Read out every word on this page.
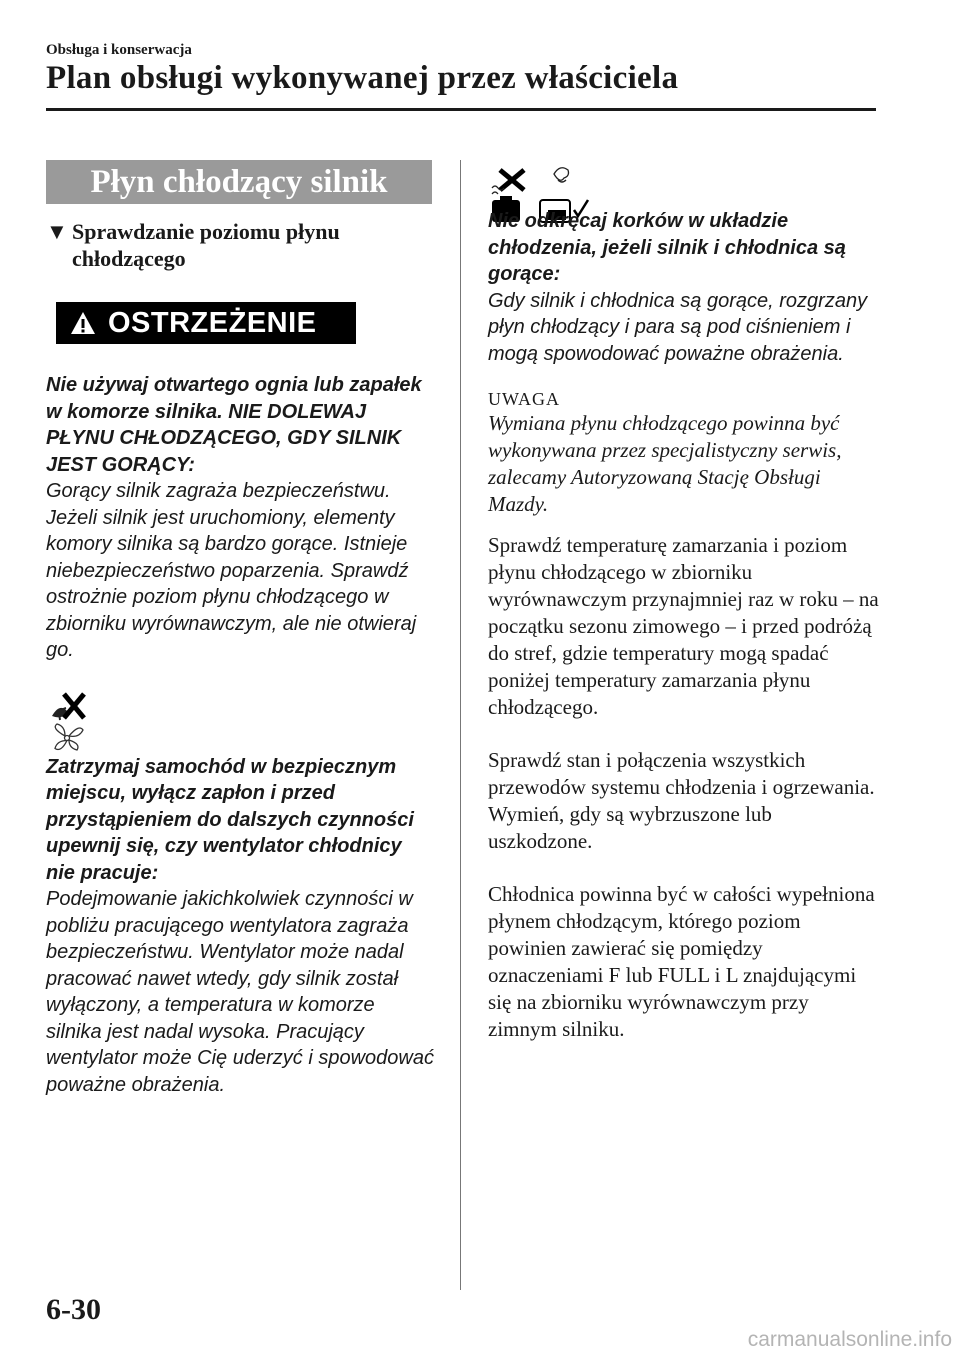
Obsługa i konserwacja
Plan obsługi wykonywanej przez właściciela
Płyn chłodzący silnik
▼ Sprawdzanie poziomu płynu chłodzącego
OSTRZEŻENIE
Nie używaj otwartego ognia lub zapałek w komorze silnika. NIE DOLEWAJ PŁYNU CHŁODZĄCEGO, GDY SILNIK JEST GORĄCY:
Gorący silnik zagraża bezpieczeństwu. Jeżeli silnik jest uruchomiony, elementy komory silnika są bardzo gorące. Istnieje niebezpieczeństwo poparzenia. Sprawdź ostrożnie poziom płynu chłodzącego w zbiorniku wyrównawczym, ale nie otwieraj go.
Zatrzymaj samochód w bezpiecznym miejscu, wyłącz zapłon i przed przystąpieniem do dalszych czynności upewnij się, czy wentylator chłodnicy nie pracuje:
Podejmowanie jakichkolwiek czynności w pobliżu pracującego wentylatora zagraża bezpieczeństwu. Wentylator może nadal pracować nawet wtedy, gdy silnik został wyłączony, a temperatura w komorze silnika jest nadal wysoka. Pracujący wentylator może Cię uderzyć i spowodować poważne obrażenia.
Nie odkręcaj korków w układzie chłodzenia, jeżeli silnik i chłodnica są gorące:
Gdy silnik i chłodnica są gorące, rozgrzany płyn chłodzący i para są pod ciśnieniem i mogą spowodować poważne obrażenia.
UWAGA
Wymiana płynu chłodzącego powinna być wykonywana przez specjalistyczny serwis, zalecamy Autoryzowaną Stację Obsługi Mazdy.
Sprawdź temperaturę zamarzania i poziom płynu chłodzącego w zbiorniku wyrównawczym przynajmniej raz w roku – na początku sezonu zimowego – i przed podróżą do stref, gdzie temperatury mogą spadać poniżej temperatury zamarzania płynu chłodzącego.
Sprawdź stan i połączenia wszystkich przewodów systemu chłodzenia i ogrzewania.
Wymień, gdy są wybrzuszone lub uszkodzone.
Chłodnica powinna być w całości wypełniona płynem chłodzącym, którego poziom powinien zawierać się pomiędzy oznaczeniami F lub FULL i L znajdującymi się na zbiorniku wyrównawczym przy zimnym silniku.
6-30
carmanualsonline.info
